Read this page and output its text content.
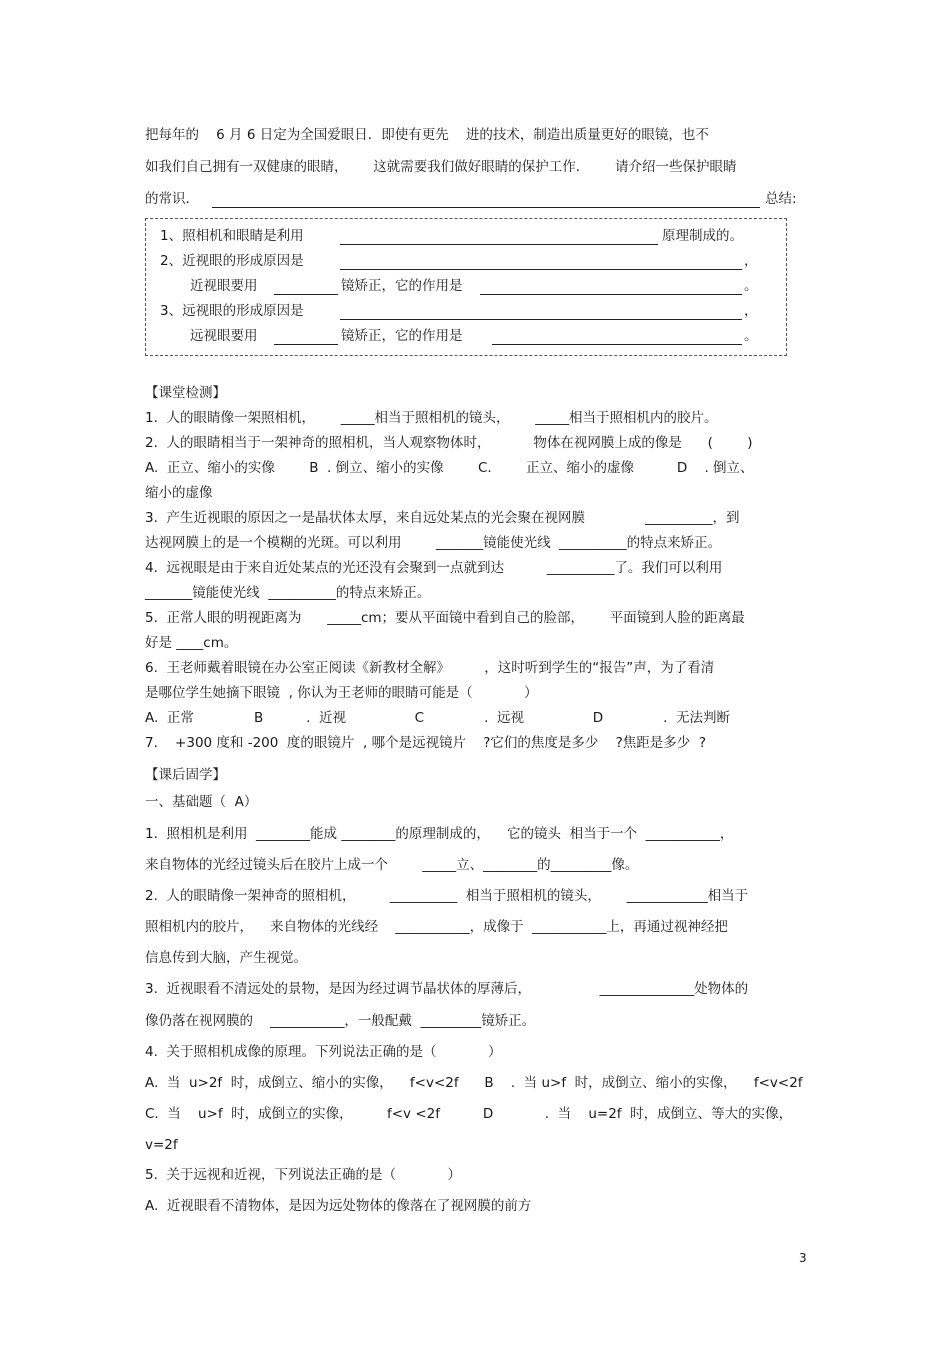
把每年的    6 月 6 日定为全国爱眼日．即使有更先    进的技术，制造出质量更好的眼镜，也不
如我们自己拥有一双健康的眼睛，      这就需要我们做好眼睛的保护工作．      请介绍一些保护眼睛
的常识．	总结:
1、照相机和眼睛是利用	原理制成的。
2、近视眼的形成原因是	，
近视眼要用	镜矫正，它的作用是	。
3、远视眼的形成原因是	，
远视眼要用	镜矫正，它的作用是	。
【课堂检测】
1.  人的眼睛像一架照相机，      _____相当于照相机的镜头，      _____相当于照相机内的胶片。
2.  人的眼睛相当于一架神奇的照相机，当人观察物体时，          物体在视网膜上成的像是      (        )
A.  正立、缩小的实像        B  . 倒立、缩小的实像        C.        正立、缩小的虚像          D    . 倒立、
缩小的虚像
3.  产生近视眼的原因之一是晶状体太厚，来自远处某点的光会聚在视网膜              __________，到
达视网膜上的是一个模糊的光斑。可以利用        _______镜能使光线  __________的特点来矫正。
4.  远视眼是由于来自近处某点的光还没有会聚到一点就到达          __________了。我们可以利用
_______镜能使光线  __________的特点来矫正。
5.  正常人眼的明视距离为      _____cm；要从平面镜中看到自己的脸部，      平面镜到人脸的距离最
好是 ____cm。
6.  王老师戴着眼镜在办公室正阅读《新教材全解》        ，这时听到学生的“报告”声，为了看清
是哪位学生她摘下眼镜  , 你认为王老师的眼睛可能是（            ）
A.  正常              B          .  近视                C              .  远视                D              .  无法判断
7.    +300 度和 -200  度的眼镜片  , 哪个是远视镜片    ?它们的焦度是多少    ?焦距是多少  ?
【课后固学】
一、基础题（  A）
1.  照相机是利用  ________能成 ________的原理制成的，    它的镜头  相当于一个  ___________，
来自物体的光经过镜头后在胶片上成一个        _____立、________的_________像。
2.  人的眼睛像一架神奇的照相机，        __________  相当于照相机的镜头，      ____________相当于
照相机内的胶片，    来自物体的光线经    ___________，成像于  ___________上，再通过视神经把
信息传到大脑，产生视觉。
3.  近视眼看不清远处的景物，是因为经过调节晶状体的厚薄后，                ______________处物体的
像仍落在视网膜的    ___________，一般配戴  _________镜矫正。
4.  关于照相机成像的原理。下列说法正确的是（            ）
A.  当  u>2f  时，成倒立、缩小的实像，    f<v<2f      B    .  当 u>f  时，成倒立、缩小的实像，    f<v<2f
C.  当    u>f  时，成倒立的实像，        f<v <2f          D            .  当    u=2f  时，成倒立、等大的实像，
v=2f
5.  关于远视和近视，下列说法正确的是（            ）
A.  近视眼看不清物体，是因为远处物体的像落在了视网膜的前方
3
